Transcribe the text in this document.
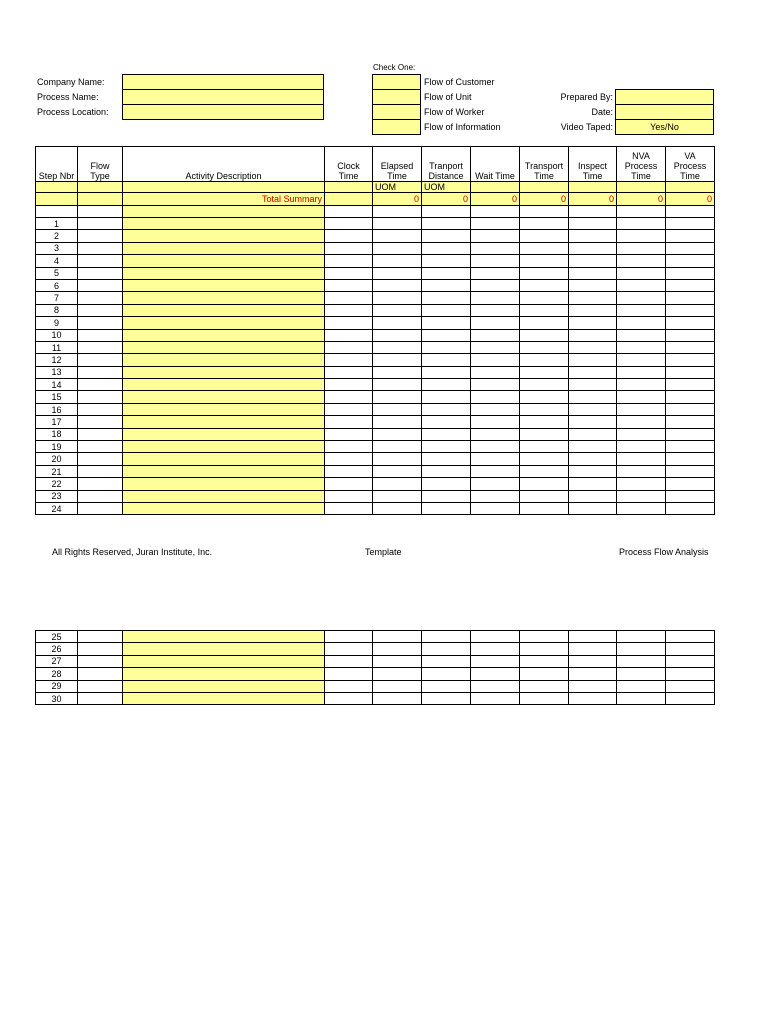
Check One:
Company Name:
Process Name:
Process Location:
Flow of Customer
Flow of Unit
Flow of Worker
Flow of Information
Prepared By:
Date:
Video Taped:	Yes/No
Step Nbr	Flow Type	Activity Description	Clock Time	Elapsed Time	Tranport Distance	Wait Time	Transport Time	Inspect Time	NVA Process Time	VA Process Time
				UOM	UOM					
		Total Summary		0	0	0	0	0	0	0

1										
2										
3										
4										
5										
6										
7										
8										
9										
10										
11										
12										
13										
14										
15										
16										
17										
18										
19										
20										
21										
22										
23										
24										
All Rights Reserved, Juran Institute, Inc.	Template	Process Flow Analysis
25										
26										
27										
28										
29										
30										
